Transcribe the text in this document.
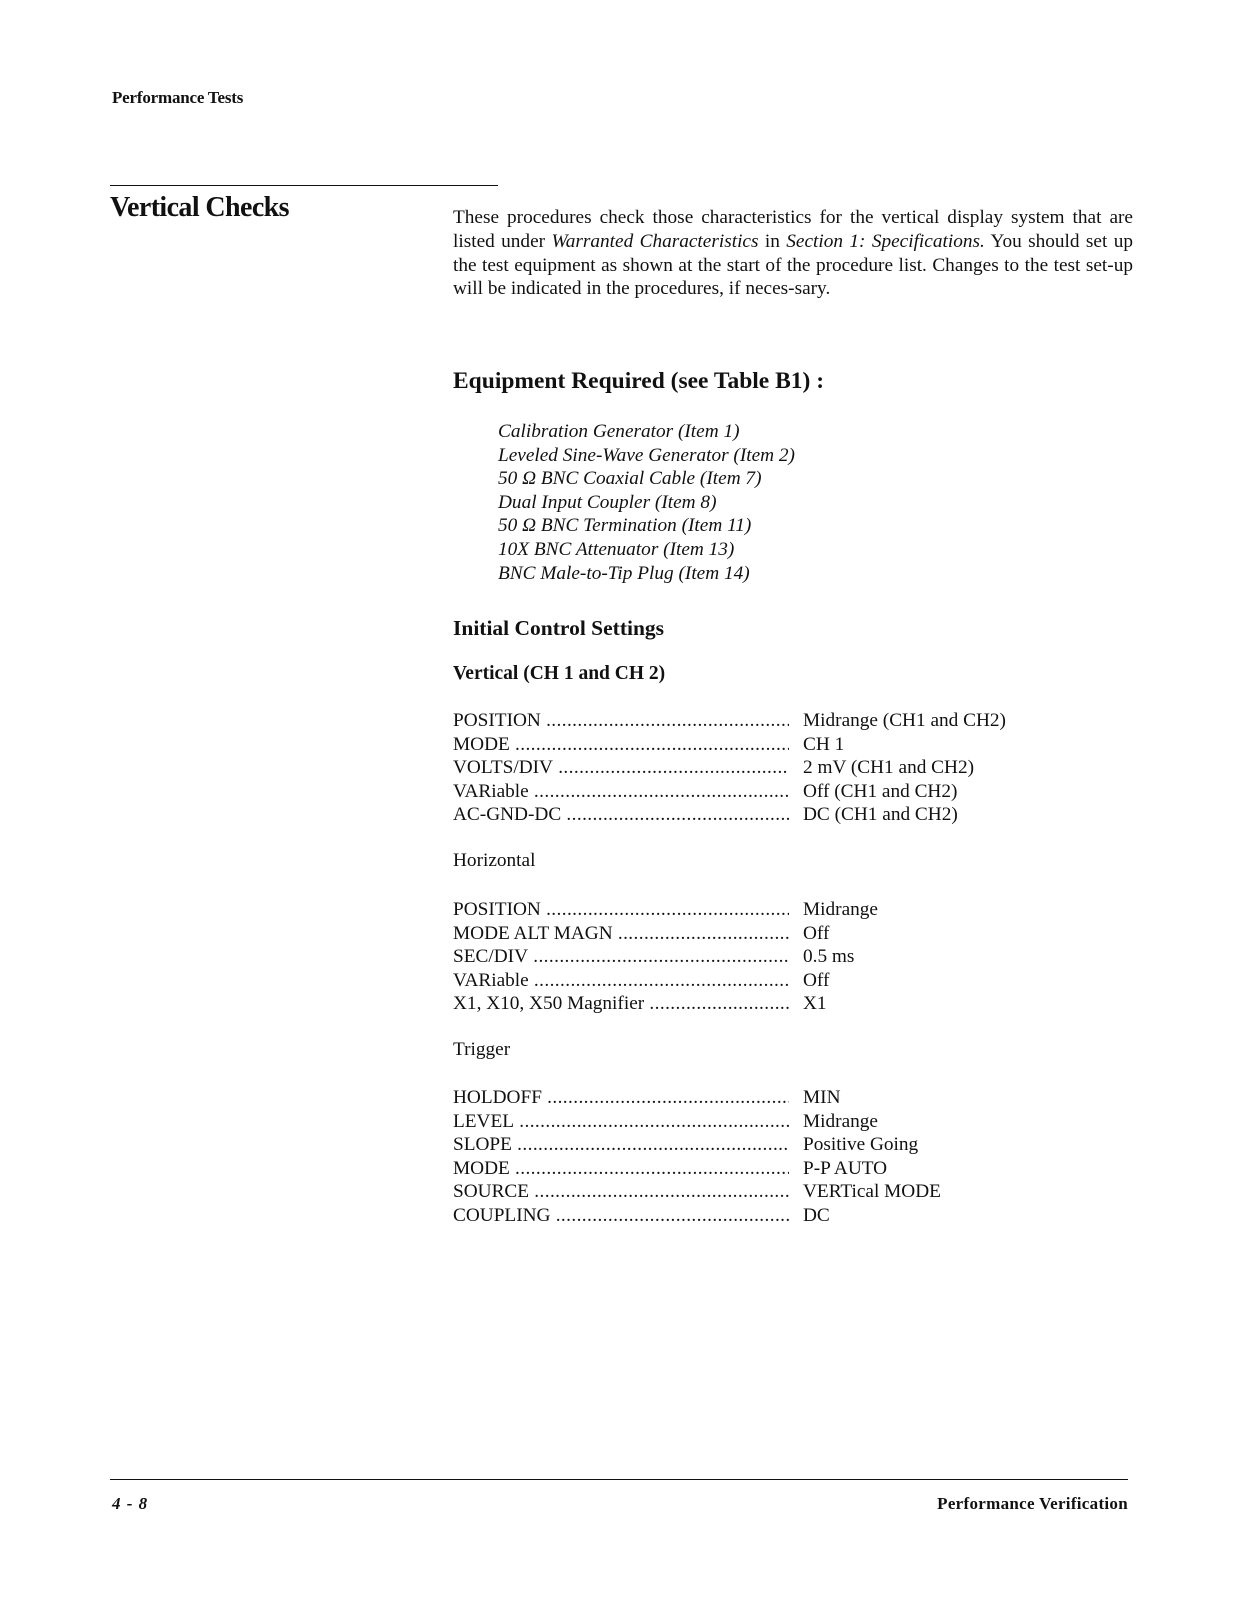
Performance Tests
Vertical Checks	These procedures check those characteristics for the vertical display system that are listed under Warranted Characteristics in Section 1: Specifications. You should set up the test equipment as shown at the start of the procedure list. Changes to the test set-up will be indicated in the procedures, if neces-sary.

Equipment Required (see Table B1) :
Calibration Generator (Item 1)
Leveled Sine-Wave Generator (Item 2)
50 Ω BNC Coaxial Cable (Item 7)
Dual Input Coupler (Item 8)
50 Ω BNC Termination (Item 11)
10X BNC Attenuator (Item 13)
BNC Male-to-Tip Plug (Item 14)
Initial Control Settings
Vertical (CH 1 and CH 2)
POSITION .....	Midrange (CH1 and CH2)
MODE .....	CH 1
VOLTS/DIV .....	2 mV (CH1 and CH2)
VARiable .....	Off (CH1 and CH2)
AC-GND-DC .....	DC (CH1 and CH2)
Horizontal
POSITION .....	Midrange
MODE ALT MAGN .....	Off
SEC/DIV .....	0.5 ms
VARiable .....	Off
X1, X10, X50 Magnifier .....	X1
Trigger
HOLDOFF .....	MIN
LEVEL .....	Midrange
SLOPE .....	Positive Going
MODE .....	P-P AUTO
SOURCE .....	VERTical MODE
COUPLING .....	DC
4 - 8	Performance Verification
